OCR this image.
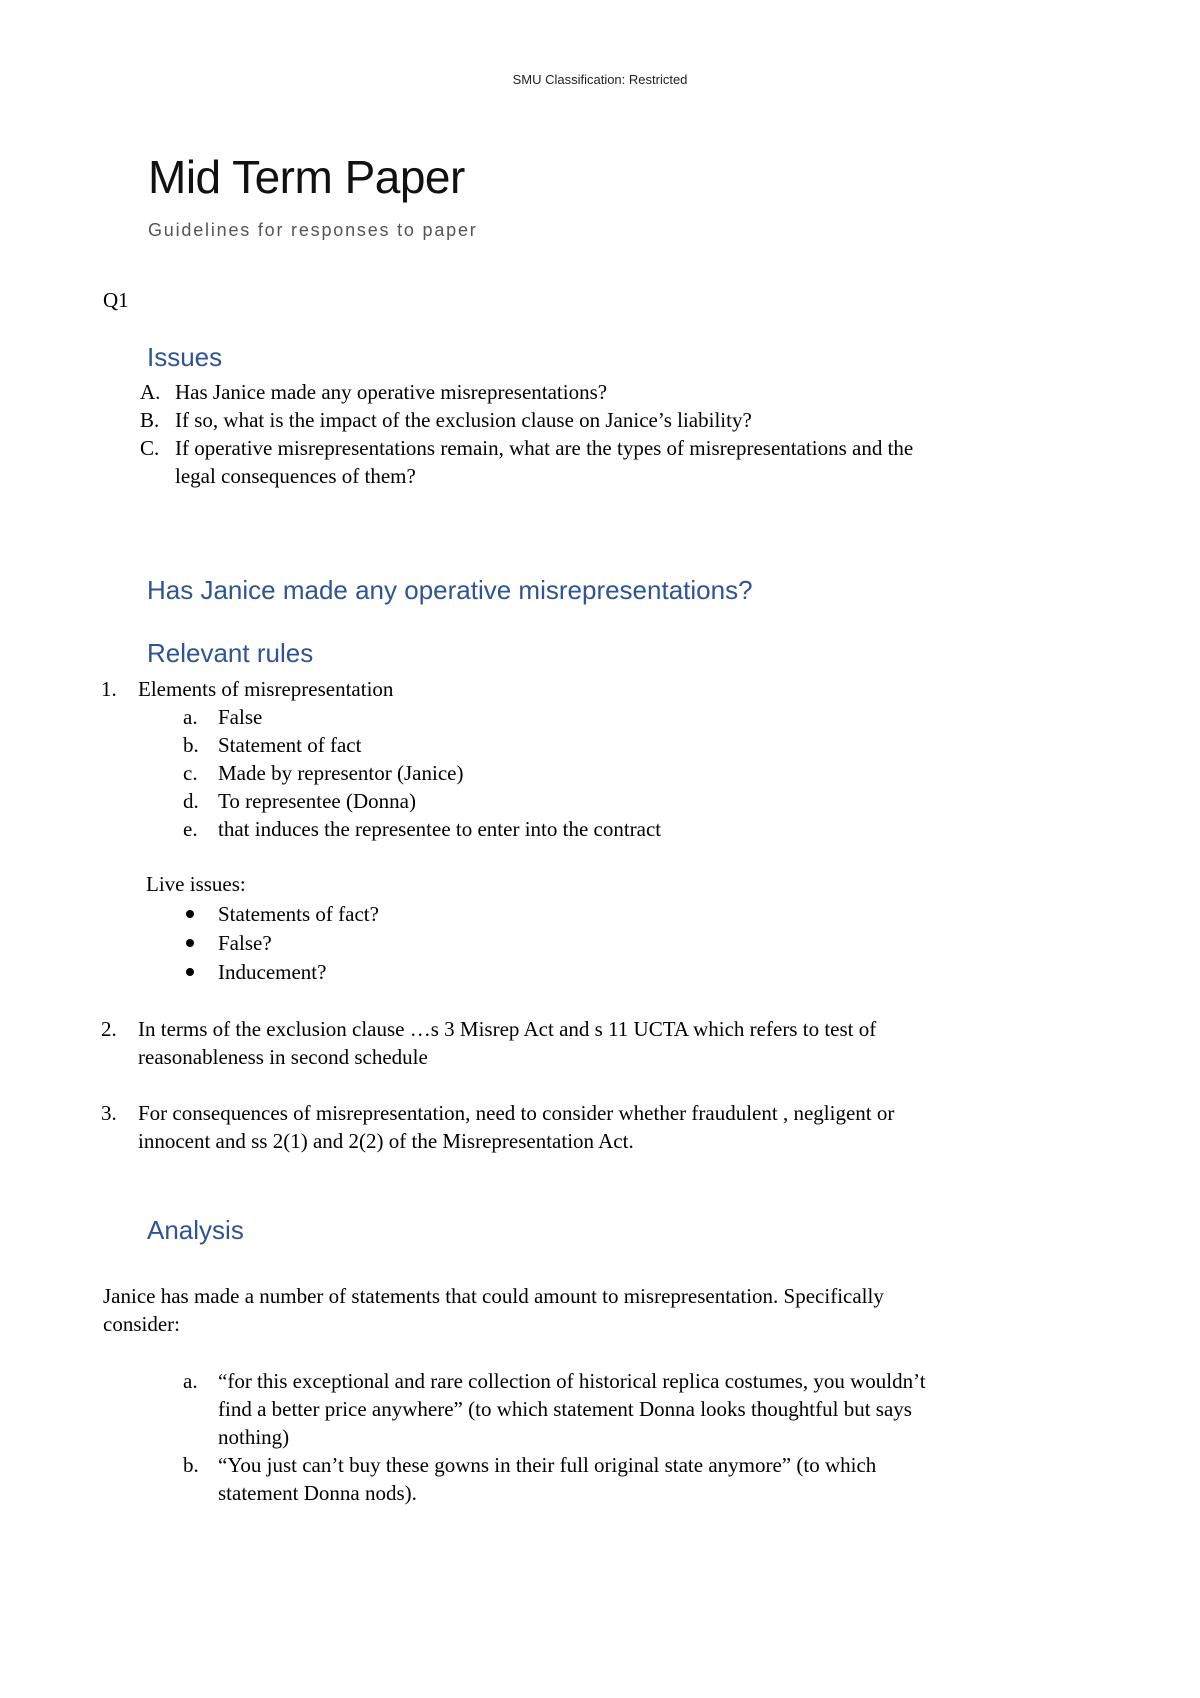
SMU Classification: Restricted
Mid Term Paper
Guidelines for responses to paper
Q1
Issues
A. Has Janice made any operative misrepresentations?
B. If so, what is the impact of the exclusion clause on Janice’s liability?
C. If operative misrepresentations remain, what are the types of misrepresentations and the
legal consequences of them?
Has Janice made any operative misrepresentations?
Relevant rules
1. Elements of misrepresentation
a. False
b. Statement of fact
c. Made by representor (Janice)
d. To representee (Donna)
e. that induces the representee to enter into the contract
Live issues:
Statements of fact?
False?
Inducement?
2. In terms of the exclusion clause …s 3 Misrep Act and s 11 UCTA which refers to test of
reasonableness in second schedule
3. For consequences of misrepresentation, need to consider whether fraudulent , negligent or
innocent and ss 2(1) and 2(2) of the Misrepresentation Act.
Analysis
Janice has made a number of statements that could amount to misrepresentation. Specifically
consider:
a. “for this exceptional and rare collection of historical replica costumes, you wouldn’t
find a better price anywhere” (to which statement Donna looks thoughtful but says
nothing)
b. “You just can’t buy these gowns in their full original state anymore” (to which
statement Donna nods).
